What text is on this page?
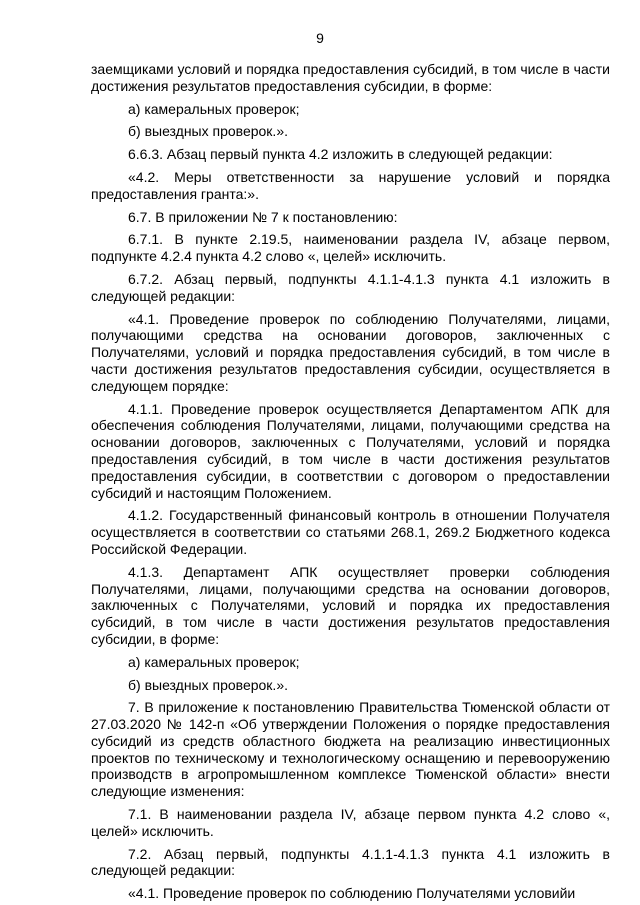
9

заемщиками условий и порядка предоставления субсидий, в том числе в части достижения результатов предоставления субсидии, в форме:

а) камеральных проверок;

б) выездных проверок.».

6.6.3. Абзац первый пункта 4.2 изложить в следующей редакции:

«4.2. Меры ответственности за нарушение условий и порядка предоставления гранта:».

6.7. В приложении № 7 к постановлению:

6.7.1. В пункте 2.19.5, наименовании раздела IV, абзаце первом, подпункте 4.2.4 пункта 4.2 слово «, целей» исключить.

6.7.2. Абзац первый, подпункты 4.1.1-4.1.3 пункта 4.1 изложить в следующей редакции:

«4.1. Проведение проверок по соблюдению Получателями, лицами, получающими средства на основании договоров, заключенных с Получателями, условий и порядка предоставления субсидий, в том числе в части достижения результатов предоставления субсидии, осуществляется в следующем порядке:

4.1.1. Проведение проверок осуществляется Департаментом АПК для обеспечения соблюдения Получателями, лицами, получающими средства на основании договоров, заключенных с Получателями, условий и порядка предоставления субсидий, в том числе в части достижения результатов предоставления субсидии, в соответствии с договором о предоставлении субсидий и настоящим Положением.

4.1.2. Государственный финансовый контроль в отношении Получателя осуществляется в соответствии со статьями 268.1, 269.2 Бюджетного кодекса Российской Федерации.

4.1.3. Департамент АПК осуществляет проверки соблюдения Получателями, лицами, получающими средства на основании договоров, заключенных с Получателями, условий и порядка их предоставления субсидий, в том числе в части достижения результатов предоставления субсидии, в форме:

а) камеральных проверок;

б) выездных проверок.».

7. В приложение к постановлению Правительства Тюменской области от 27.03.2020 № 142-п «Об утверждении Положения о порядке предоставления субсидий из средств областного бюджета на реализацию инвестиционных проектов по техническому и технологическому оснащению и перевооружению производств в агропромышленном комплексе Тюменской области» внести следующие изменения:

7.1. В наименовании раздела IV, абзаце первом пункта 4.2 слово «, целей» исключить.

7.2. Абзац первый, подпункты 4.1.1-4.1.3 пункта 4.1 изложить в следующей редакции:

«4.1. Проведение проверок по соблюдению Получателями условийи
